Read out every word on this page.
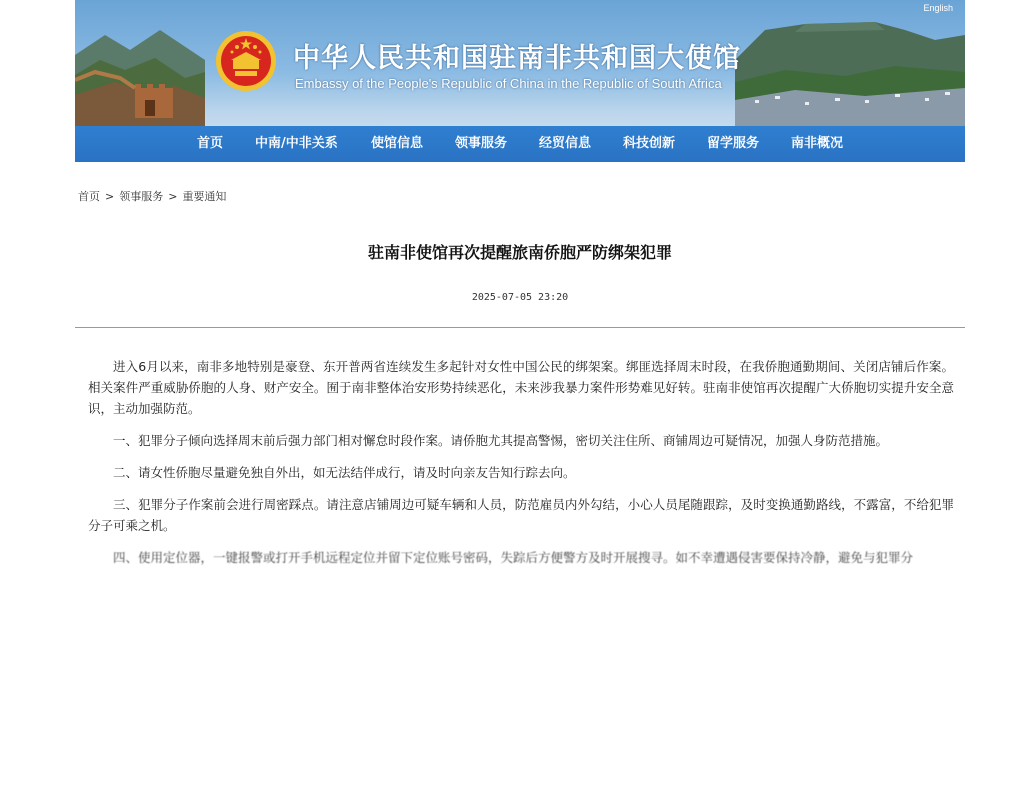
English
中华人民共和国驻南非共和国大使馆
Embassy of the People's Republic of China in the Republic of South Africa
首页 中南/中非关系	使馆信息 领事服务 经贸信息 科技创新 留学服务 南非概况
首页 > 领事服务 > 重要通知
驻南非使馆再次提醒旅南侨胞严防绑架犯罪
2025-07-05 23:20

进入6月以来，南非多地特别是豪登、东开普两省连续发生多起针对女性中国公民的绑架案。绑匪选择周末时段，在我侨胞通勤期间、关闭店铺后作案。相关案件严重威胁侨胞的人身、财产安全。囿于南非整体治安形势持续恶化，未来涉我暴力案件形势难见好转。驻南非使馆再次提醒广大侨胞切实提升安全意识，主动加强防范。

一、犯罪分子倾向选择周末前后强力部门相对懈怠时段作案。请侨胞尤其提高警惕，密切关注住所、商铺周边可疑情况，加强人身防范措施。

二、请女性侨胞尽量避免独自外出，如无法结伴成行，请及时向亲友告知行踪去向。

三、犯罪分子作案前会进行周密踩点。请注意店铺周边可疑车辆和人员，防范雇员内外勾结，小心人员尾随跟踪，及时变换通勤路线，不露富，不给犯罪分子可乘之机。

四、使用定位器，一键报警或打开手机远程定位并留下定位账号密码，失踪后方便警方及时开展搜寻。如不幸遭遇侵害要保持冷静，避免与犯罪分
